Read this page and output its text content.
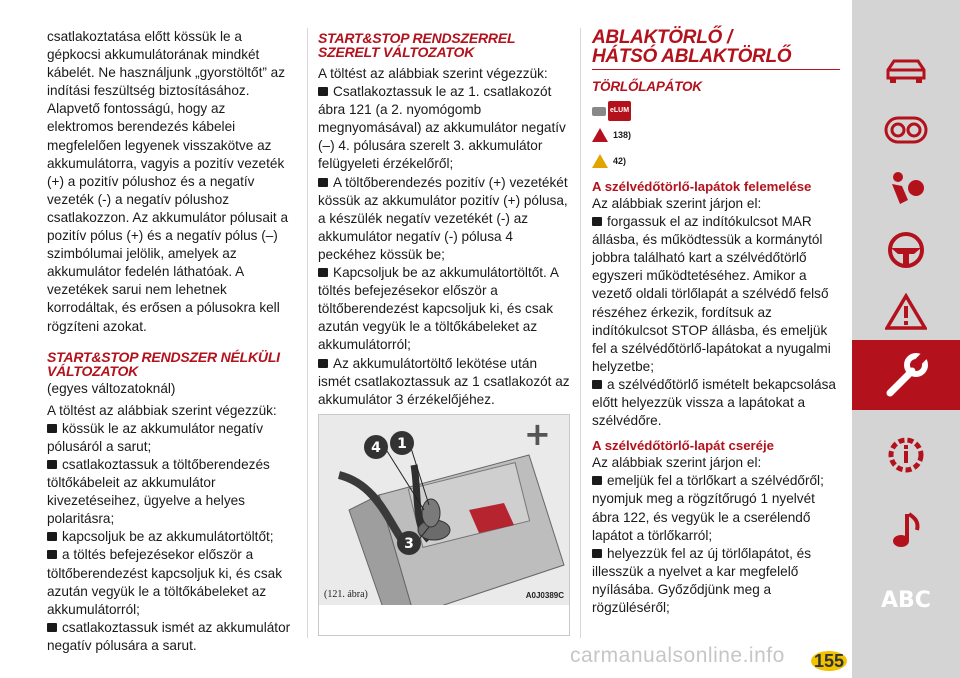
csatlakoztatása előtt kössük le a gépkocsi akkumulátorának mindkét kábelét. Ne használjunk „gyorstöltőt” az indítási feszültség biztosításához. Alapvető fontosságú, hogy az elektromos berendezés kábelei megfelelően legyenek visszakötve az akkumulátorra, vagyis a pozitív vezeték (+) a pozitív pólushoz és a negatív vezeték (-) a negatív pólushoz csatlakozzon. Az akkumulátor pólusait a pozitív pólus (+) és a negatív pólus (–) szimbólumai jelölik, amelyek az akkumulátor fedelén láthatóak. A vezetékek sarui nem lehetnek korrodáltak, és erősen a pólusokra kell rögzíteni azokat.

START&STOP RENDSZER NÉLKÜLI VÁLTOZATOK

(egyes változatoknál)

A töltést az alábbiak szerint végezzük:

kössük le az akkumulátor negatív pólusáról a sarut;

csatlakoztassuk a töltőberendezés töltőkábeleit az akkumulátor kivezetéseihez, ügyelve a helyes polaritásra;

kapcsoljuk be az akkumulátortöltőt;

a töltés befejezésekor először a töltőberendezést kapcsoljuk ki, és csak azután vegyük le a töltőkábeleket az akkumulátorról;

csatlakoztassuk ismét az akkumulátor negatív pólusára a sarut.

START&STOP RENDSZERREL SZERELT VÁLTOZATOK

A töltést az alábbiak szerint végezzük:

Csatlakoztassuk le az 1. csatlakozót ábra 121 (a 2. nyomógomb megnyomásával) az akkumulátor negatív (–) 4. pólusára szerelt 3. akkumulátor felügyeleti érzékelőről;

A töltőberendezés pozitív (+) vezetékét kössük az akkumulátor pozitív (+) pólusa, a készülék negatív vezetékét (-) az akkumulátor negatív (-) pólusa 4 peckéhez kössük be;

Kapcsoljuk be az akkumulátortöltőt. A töltés befejezésekor először a töltőberendezést kapcsoljuk ki, és csak azután vegyük le a töltőkábeleket az akkumulátorról;

Az akkumulátortöltő lekötése után ismét csatlakoztassuk az 1 csatlakozót az akkumulátor 3 érzékelőjéhez.

+
4 1
3
(121. ábra)	A0J0389C

ABLAKTÖRLŐ / HÁTSÓ ABLAKTÖRLŐ

TÖRLŐLAPÁTOK

eLUM
138)
42)

A szélvédőtörlő-lapátok felemelése

Az alábbiak szerint járjon el:

forgassuk el az indítókulcsot MAR állásba, és működtessük a kormánytól jobbra található kart a szélvédőtörlő egyszeri működtetéséhez. Amikor a vezető oldali törlőlapát a szélvédő felső részéhez érkezik, fordítsuk az indítókulcsot STOP állásba, és emeljük fel a szélvédőtörlő-lapátokat a nyugalmi helyzetbe;

a szélvédőtörlő ismételt bekapcsolása előtt helyezzük vissza a lapátokat a szélvédőre.

A szélvédőtörlő-lapát cseréje

Az alábbiak szerint járjon el:

emeljük fel a törlőkart a szélvédőről; nyomjuk meg a rögzítőrugó 1 nyelvét ábra 122, és vegyük le a cserélendő lapátot a törlőkarról;

helyezzük fel az új törlőlapátot, és illesszük a nyelvet a kar megfelelő nyílásába. Győződjünk meg a rögzüléséről;	ABC
carmanualsonline.info 155
